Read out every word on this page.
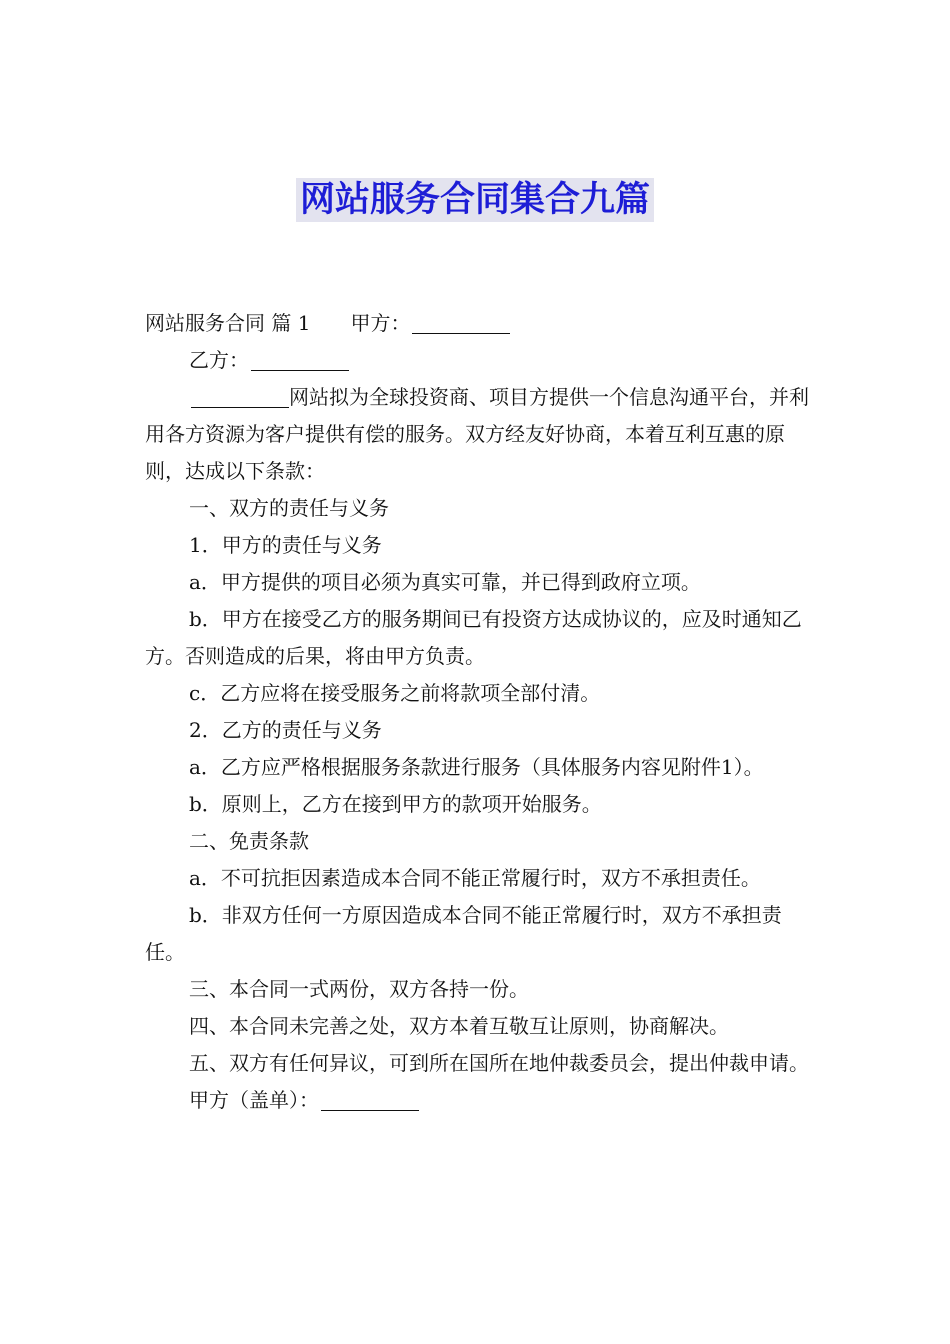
网站服务合同集合九篇

网站服务合同 篇 1 甲方：

乙方：

网站拟为全球投资商、项目方提供一个信息沟通平台，并利用各方资源为客户提供有偿的服务。双方经友好协商，本着互利互惠的原则，达成以下条款：

一、双方的责任与义务

1．甲方的责任与义务

a．甲方提供的项目必须为真实可靠，并已得到政府立项。

b．甲方在接受乙方的服务期间已有投资方达成协议的，应及时通知乙方。否则造成的后果，将由甲方负责。

c．乙方应将在接受服务之前将款项全部付清。

2．乙方的责任与义务

a．乙方应严格根据服务条款进行服务（具体服务内容见附件1）。

b．原则上，乙方在接到甲方的款项开始服务。

二、免责条款

a．不可抗拒因素造成本合同不能正常履行时，双方不承担责任。

b．非双方任何一方原因造成本合同不能正常履行时，双方不承担责任。

三、本合同一式两份，双方各持一份。

四、本合同未完善之处，双方本着互敬互让原则，协商解决。

五、双方有任何异议，可到所在国所在地仲裁委员会，提出仲裁申请。

甲方（盖单）：
